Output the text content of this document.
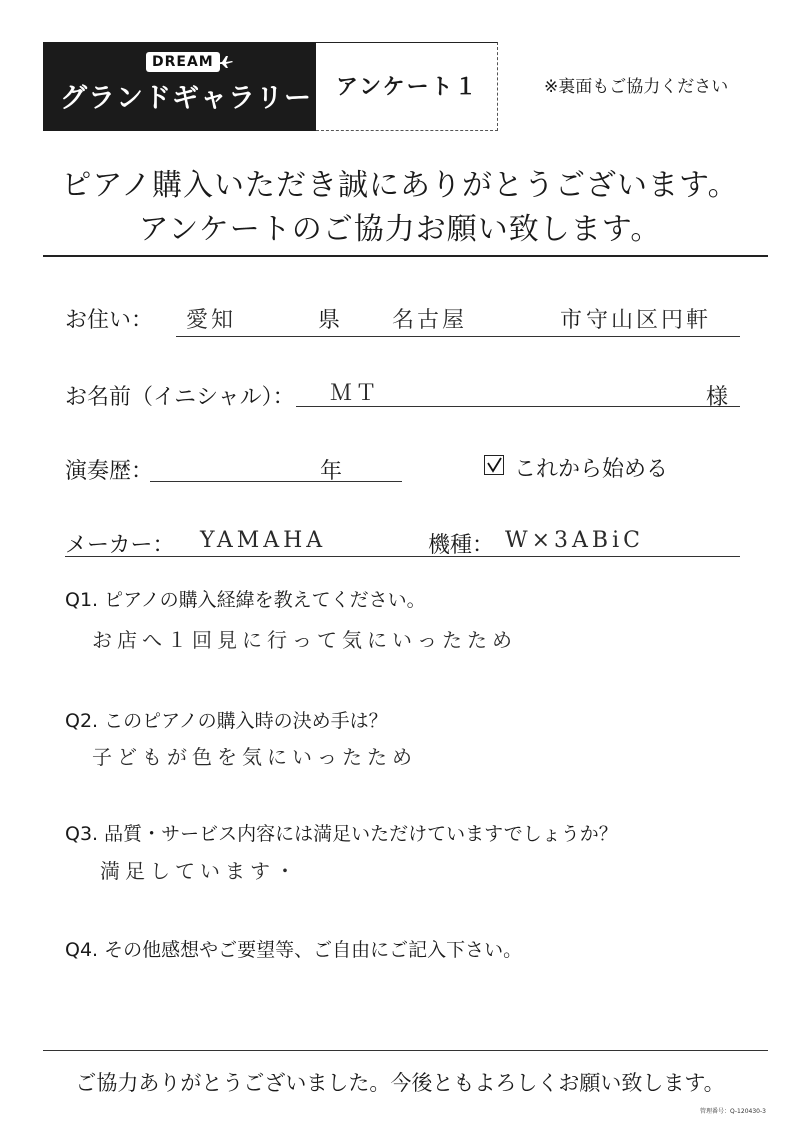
DREAM
グランドギャラリー アンケート１	※裏面もご協力ください
ピアノ購入いただき誠にありがとうございます。
アンケートのご協力お願い致します。
お住い： 愛知	県 名古屋	市 守山区円軒
お名前（イニシャル）： ＭＴ	様
演奏歴：	年	これから始める
メーカー： YAMAHA	機種： W×3ABiC
Q1. ピアノの購入経緯を教えてください。
お店へ１回見に行って気にいったため
Q2. このピアノの購入時の決め手は？
子どもが色を気にいったため
Q3. 品質・サービス内容には満足いただけていますでしょうか？
満足しています・
Q4. その他感想やご要望等、ご自由にご記入下さい。
ご協力ありがとうございました。今後ともよろしくお願い致します。
管理番号：Q-120430-3
